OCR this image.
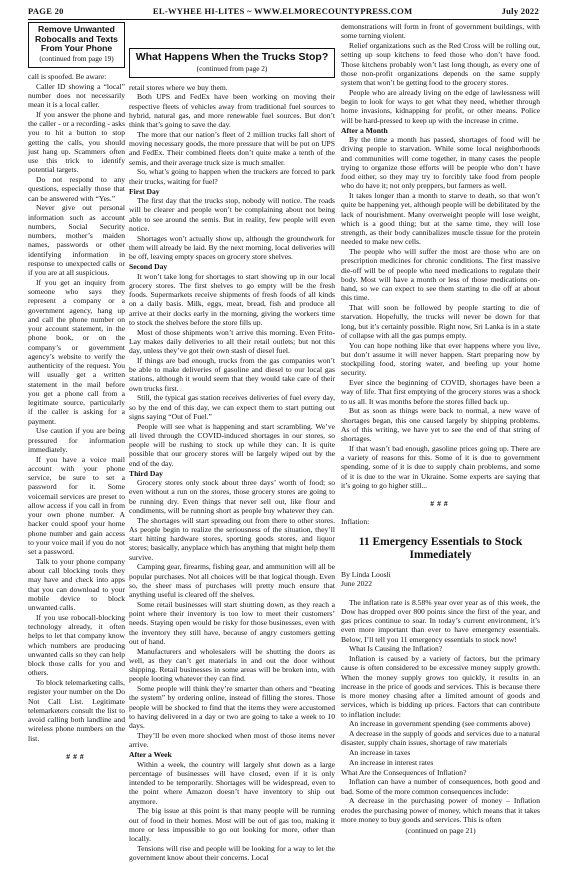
PAGE 20	EL-WYHEE HI-LITES ~ WWW.ELMORECOUNTYPRESS.COM	July 2022
Remove Unwanted Robocalls and Texts From Your Phone
(continued from page 19)

call is spoofed. Be aware:

Caller ID showing a “local” number does not necessarily mean it is a local caller.

If you answer the phone and the caller - or a recording - asks you to hit a button to stop getting the calls, you should just hang up. Scammers often use this trick to identify potential targets.

Do not respond to any questions, especially those that can be answered with “Yes.”

Never give out personal information such as account numbers, Social Security numbers, mother’s maiden names, passwords or other identifying information in response to unexpected calls or if you are at all suspicious.

If you get an inquiry from someone who says they represent a company or a government agency, hang up and call the phone number on your account statement, in the phone book, or on the company’s or government agency’s website to verify the authenticity of the request. You will usually get a written statement in the mail before you get a phone call from a legitimate source, particularly if the caller is asking for a payment.

Use caution if you are being pressured for information immediately.

If you have a voice mail account with your phone service, be sure to set a password for it. Some voicemail services are preset to allow access if you call in from your own phone number. A hacker could spoof your home phone number and gain access to your voice mail if you do not set a password.

Talk to your phone company about call blocking tools they may have and check into apps that you can download to your mobile device to block unwanted calls.

If you use robocall-blocking technology already, it often helps to let that company know which numbers are producing unwanted calls so they can help block those calls for you and others.

To block telemarketing calls, register your number on the Do Not Call List. Legitimate telemarketers consult the list to avoid calling both landline and wireless phone numbers on the list.

###
What Happens When the Trucks Stop?
(continued from page 2)

retail stores where we buy them.

Both UPS and FedEx have been working on moving their respective fleets of vehicles away from traditional fuel sources to hybrid, natural gas, and more renewable fuel sources. But don’t think that’s going to save the day.

The more that our nation’s fleet of 2 million trucks fall short of moving necessary goods, the more pressure that will be put on UPS and FedEx. Their combined fleets don’t quite make a tenth of the semis, and their average truck size is much smaller.

So, what’s going to happen when the truckers are forced to park their trucks, waiting for fuel?

First Day

The first day that the trucks stop, nobody will notice. The roads will be clearer and people won’t be complaining about not being able to see around the semis. But in reality, few people will even notice.

Shortages won’t actually show up, although the groundwork for them will already be laid. By the next morning, local deliveries will be off, leaving empty spaces on grocery store shelves.

Second Day

It won’t take long for shortages to start showing up in our local grocery stores. The first shelves to go empty will be the fresh foods. Supermarkets receive shipments of fresh foods of all kinds on a daily basis. Milk, eggs, meat, bread, fish and produce all arrive at their docks early in the morning, giving the workers time to stock the shelves before the store fills up.

Most of those shipments won’t arrive this morning. Even Frito-Lay makes daily deliveries to all their retail outlets; but not this day, unless they’ve got their own stash of diesel fuel.

If things are bad enough, trucks from the gas companies won’t be able to make deliveries of gasoline and diesel to our local gas stations, although it would seem that they would take care of their own trucks first.

Still, the typical gas station receives deliveries of fuel every day, so by the end of this day, we can expect them to start putting out signs saying “Out of Fuel.”

People will see what is happening and start scrambling. We’ve all lived through the COVID-induced shortages in our stores, so people will be rushing to stock up while they can. It is quite possible that our grocery stores will be largely wiped out by the end of the day.

Third Day

Grocery stores only stock about three days’ worth of food; so even without a run on the stores, those grocery stores are going to be running dry. Even things that never sell out, like flour and condiments, will be running short as people buy whatever they can.

The shortages will start spreading out from there to other stores. As people begin to realize the seriousness of the situation, they’ll start hitting hardware stores, sporting goods stores, and liquor stores; basically, anyplace which has anything that might help them survive.

Camping gear, firearms, fishing gear, and ammunition will all be popular purchases. Not all choices will be that logical though. Even so, the sheer mass of purchases will pretty much ensure that anything useful is cleared off the shelves.

Some retail businesses will start shutting down, as they reach a point where their inventory is too low to meet their customers’ needs. Staying open would be risky for those businesses, even with the inventory they still have, because of angry customers getting out of hand.

Manufacturers and wholesalers will be shutting the doors as well, as they can’t get materials in and out the door without shipping. Retail businesses in some areas will be broken into, with people looting whatever they can find.

Some people will think they’re smarter than others and “beating the system” by ordering online, instead of filling the stores. Those people will be shocked to find that the items they were accustomed to having delivered in a day or two are going to take a week to 10 days.

They’ll be even more shocked when most of those items never arrive.

After a Week

Within a week, the country will largely shut down as a large percentage of businesses will have closed, even if it is only intended to be temporarily. Shortages will be widespread, even to the point where Amazon doesn’t have inventory to ship out anymore.

The big issue at this point is that many people will be running out of food in their homes. Most will be out of gas too, making it more or less impossible to go out looking for more, other than locally.

Tensions will rise and people will be looking for a way to let the government know about their concerns. Local

demonstrations will form in front of government buildings, with some turning violent.

Relief organizations such as the Red Cross will be rolling out, setting up soup kitchens to feed those who don’t have food. Those kitchens probably won’t last long though, as every one of those non-profit organizations depends on the same supply system that won’t be getting food to the grocery stores.

People who are already living on the edge of lawlessness will begin to look for ways to get what they need, whether through home invasions, kidnapping for profit, or other means. Police will be hard-pressed to keep up with the increase in crime.

After a Month

By the time a month has passed, shortages of food will be driving people to starvation. While some local neighborhoods and communities will come together, in many cases the people trying to organize those efforts will be people who don’t have food either, so they may try to forcibly take food from people who do have it; not only preppers, but farmers as well.

It takes longer than a month to starve to death, so that won’t quite be happening yet, although people will be debilitated by the lack of nourishment. Many overweight people will lose weight, which is a good thing; but at the same time, they will lose strength, as their body cannibalizes muscle tissue for the protein needed to make new cells.

The people who will suffer the most are those who are on prescription medicines for chronic conditions. The first massive die-off will be of people who need medications to regulate their body. Most will have a month or less of those medications on-hand, so we can expect to see them starting to die off at about this time.

That will soon be followed by people starting to die of starvation. Hopefully, the trucks will never be down for that long, but it’s certainly possible. Right now, Sri Lanka is in a state of collapse with all the gas pumps empty.

You can hope nothing like that ever happens where you live, but don’t assume it will never happen. Start preparing now by stockpiling food, storing water, and beefing up your home security.

Ever since the beginning of COVID, shortages have been a way of life. That first emptying of the grocery stores was a shock to us all. It was months before the stores filled back up.

But as soon as things were back to normal, a new wave of shortages began, this one caused largely by shipping problems. As of this writing, we have yet to see the end of that string of shortages.

If that wasn’t bad enough, gasoline prices going up. There are a variety of reasons for this. Some of it is due to government spending, some of it is due to supply chain problems, and some of it is due to the war in Ukraine. Some experts are saying that it’s going to go higher still...

###
Inflation:
11 Emergency Essentials to Stock Immediately
By Linda Loosli
June 2022

The inflation rate is 8.58% year over year as of this week, the Dow has dropped over 800 points since the first of the year, and gas prices continue to soar. In today’s current environment, it’s even more important than ever to have emergency essentials. Below, I’ll tell you 11 emergency essentials to stock now!

What Is Causing the Inflation?

Inflation is caused by a variety of factors, but the primary cause is often considered to be excessive money supply growth. When the money supply grows too quickly, it results in an increase in the price of goods and services. This is because there is more money chasing after a limited amount of goods and services, which is bidding up prices. Factors that can contribute to inflation include:

An increase in government spending (see comments above)

A decrease in the supply of goods and services due to a natural disaster, supply chain issues, shortage of raw materials

An increase in taxes

An increase in interest rates

What Are the Consequences of Inflation?

Inflation can have a number of consequences, both good and bad. Some of the more common consequences include:

A decrease in the purchasing power of money – Inflation erodes the purchasing power of money, which means that it takes more money to buy goods and services. This is often

(continued on page 21)
